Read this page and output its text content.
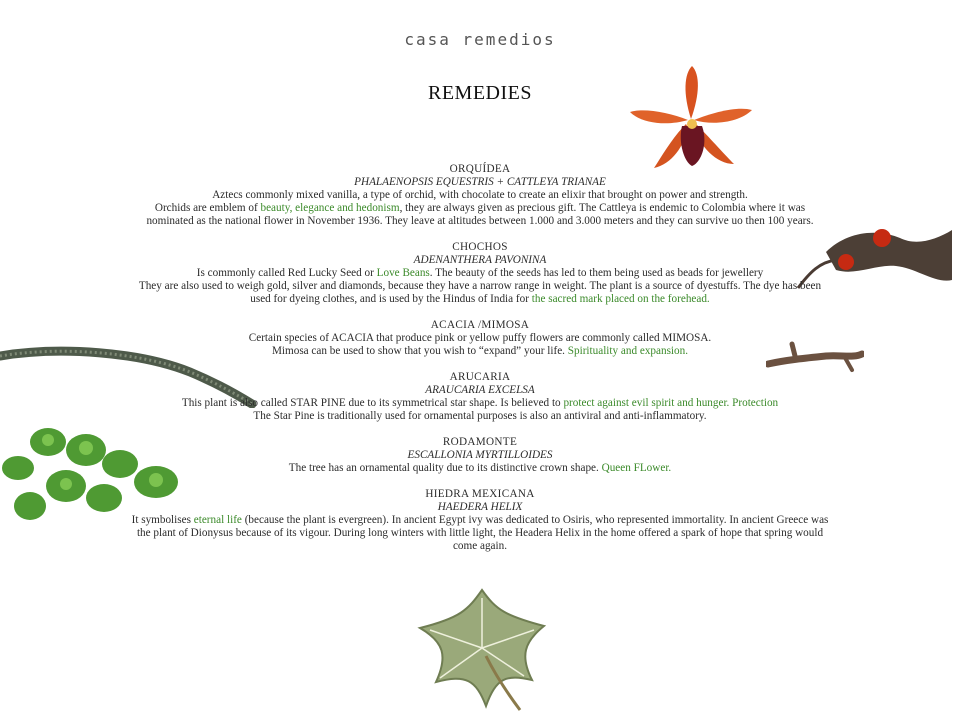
casa remedios
REMEDIES
ORQUÍDEA
PHALAENOPSIS EQUESTRIS + CATTLEYA TRIANAE
Aztecs commonly mixed vanilla, a type of orchid, with chocolate to create an elixir that brought on power and strength.
Orchids are emblem of beauty, elegance and hedonism, they are always given as precious gift. The Cattleya is endemic to Colombia where it was nominated as the national flower in November 1936. They leave at altitudes between 1.000 and 3.000 meters and they can survive uo then 100 years.
CHOCHOS
ADENANTHERA PAVONINA
Is commonly called Red Lucky Seed or Love Beans. The beauty of the seeds has led to them being used as beads for jewellery
They are also used to weigh gold, silver and diamonds, because they have a narrow range in weight. The plant is a source of dyestuffs. The dye has been used for dyeing clothes, and is used by the Hindus of India for the sacred mark placed on the forehead.
ACACIA /MIMOSA
Certain species of ACACIA that produce pink or yellow puffy flowers are commonly called MIMOSA.
Mimosa can be used to show that you wish to “expand” your life. Spirituality and expansion.
ARUCARIA
ARAUCARIA EXCELSA
This plant is also called STAR PINE due to its symmetrical star shape. Is believed to protect against evil spirit and hunger. Protection
The Star Pine is traditionally used for ornamental purposes is also an antiviral and anti-inflammatory.
RODAMONTE
ESCALLONIA MYRTILLOIDES
The tree has an ornamental quality due to its distinctive crown shape. Queen FLower.
HIEDRA MEXICANA
HAEDERA HELIX
It symbolises eternal life (because the plant is evergreen). In ancient Egypt ivy was dedicated to Osiris, who represented immortality. In ancient Greece was the plant of Dionysus because of its vigour. During long winters with little light, the Headera Helix in the home offered a spark of hope that spring would come again.
